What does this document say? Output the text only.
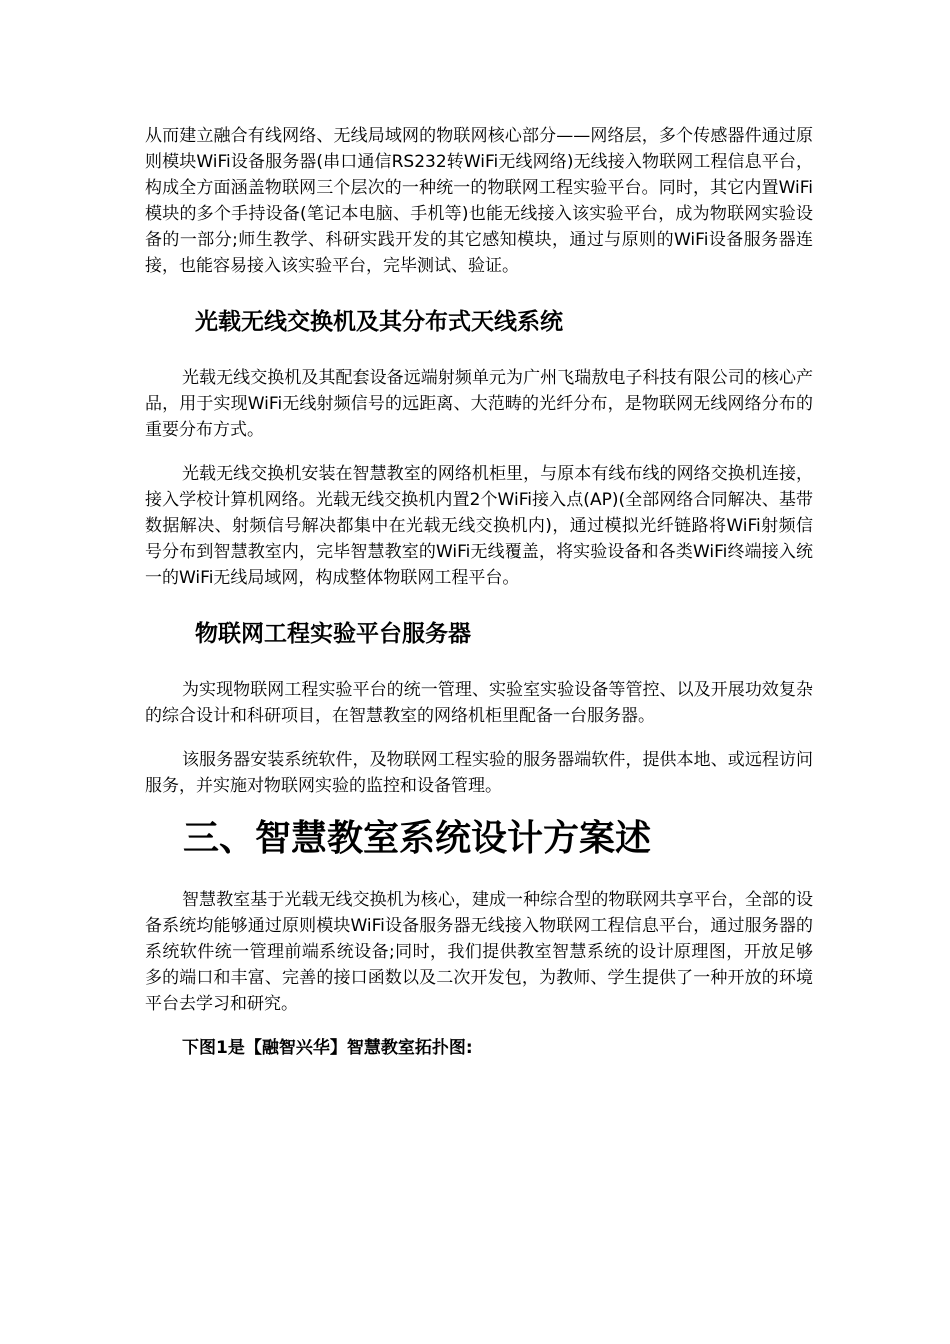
从而建立融合有线网络、无线局域网的物联网核心部分——网络层，多个传感器件通过原则模块WiFi设备服务器(串口通信RS232转WiFi无线网络)无线接入物联网工程信息平台，构成全方面涵盖物联网三个层次的一种统一的物联网工程实验平台。同时，其它内置WiFi模块的多个手持设备(笔记本电脑、手机等)也能无线接入该实验平台，成为物联网实验设备的一部分;师生教学、科研实践开发的其它感知模块，通过与原则的WiFi设备服务器连接，也能容易接入该实验平台，完毕测试、验证。

光载无线交换机及其分布式天线系统

光载无线交换机及其配套设备远端射频单元为广州飞瑞敖电子科技有限公司的核心产品，用于实现WiFi无线射频信号的远距离、大范畴的光纤分布，是物联网无线网络分布的重要分布方式。

光载无线交换机安装在智慧教室的网络机柜里，与原本有线布线的网络交换机连接，接入学校计算机网络。光载无线交换机内置2个WiFi接入点(AP)(全部网络合同解决、基带数据解决、射频信号解决都集中在光载无线交换机内)，通过模拟光纤链路将WiFi射频信号分布到智慧教室内，完毕智慧教室的WiFi无线覆盖，将实验设备和各类WiFi终端接入统一的WiFi无线局域网，构成整体物联网工程平台。

物联网工程实验平台服务器

为实现物联网工程实验平台的统一管理、实验室实验设备等管控、以及开展功效复杂的综合设计和科研项目，在智慧教室的网络机柜里配备一台服务器。

该服务器安装系统软件，及物联网工程实验的服务器端软件，提供本地、或远程访问服务，并实施对物联网实验的监控和设备管理。

三、智慧教室系统设计方案述

智慧教室基于光载无线交换机为核心，建成一种综合型的物联网共享平台，全部的设备系统均能够通过原则模块WiFi设备服务器无线接入物联网工程信息平台，通过服务器的系统软件统一管理前端系统设备;同时，我们提供教室智慧系统的设计原理图，开放足够多的端口和丰富、完善的接口函数以及二次开发包，为教师、学生提供了一种开放的环境平台去学习和研究。

下图1是【融智兴华】智慧教室拓扑图:
